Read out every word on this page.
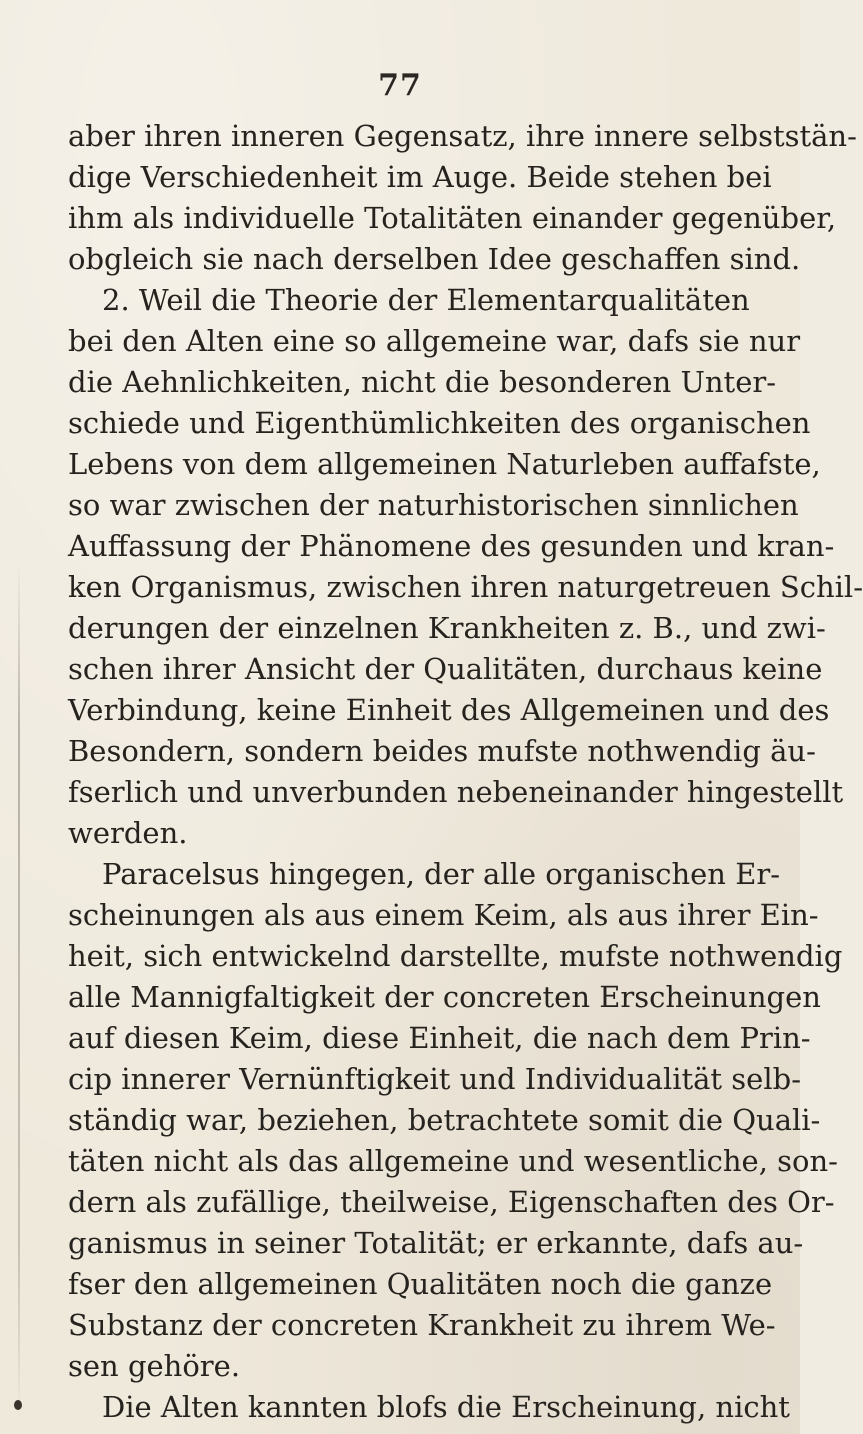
77
aber ihren inneren Gegensatz, ihre innere selbststän-
dige Verschiedenheit im Auge. Beide stehen bei
ihm als individuelle Totalitäten einander gegenüber,
obgleich sie nach derselben Idee geschaffen sind.
2. Weil die Theorie der Elementarqualitäten
bei den Alten eine so allgemeine war, dafs sie nur
die Aehnlichkeiten, nicht die besonderen Unter-
schiede und Eigenthümlichkeiten des organischen
Lebens von dem allgemeinen Naturleben auffafste,
so war zwischen der naturhistorischen sinnlichen
Auffassung der Phänomene des gesunden und kran-
ken Organismus, zwischen ihren naturgetreuen Schil-
derungen der einzelnen Krankheiten z. B., und zwi-
schen ihrer Ansicht der Qualitäten, durchaus keine
Verbindung, keine Einheit des Allgemeinen und des
Besondern, sondern beides mufste nothwendig äu-
fserlich und unverbunden nebeneinander hingestellt
werden.
Paracelsus hingegen, der alle organischen Er-
scheinungen als aus einem Keim, als aus ihrer Ein-
heit, sich entwickelnd darstellte, mufste nothwendig
alle Mannigfaltigkeit der concreten Erscheinungen
auf diesen Keim, diese Einheit, die nach dem Prin-
cip innerer Vernünftigkeit und Individualität selb-
ständig war, beziehen, betrachtete somit die Quali-
täten nicht als das allgemeine und wesentliche, son-
dern als zufällige, theilweise, Eigenschaften des Or-
ganismus in seiner Totalität; er erkannte, dafs au-
fser den allgemeinen Qualitäten noch die ganze
Substanz der concreten Krankheit zu ihrem We-
sen gehöre.
Die Alten kannten blofs die Erscheinung, nicht
